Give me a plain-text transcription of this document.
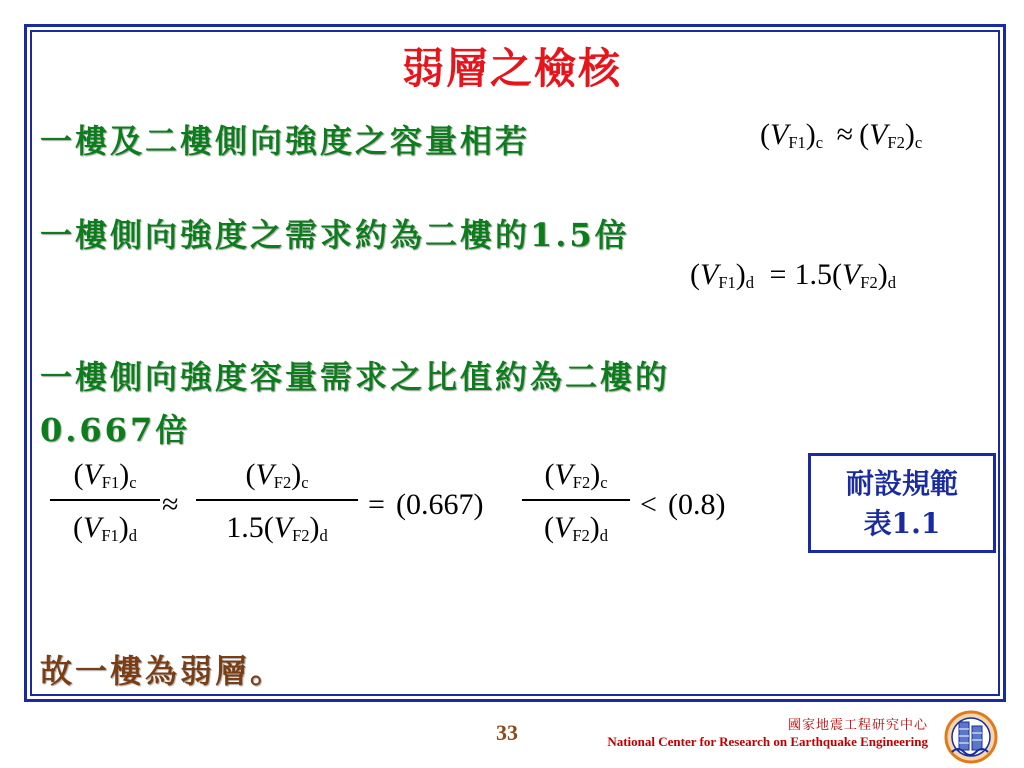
弱層之檢核
一樓及二樓側向強度之容量相若	$(V_{F1})_c \approx (V_{F2})_c$
一樓側向強度之需求約為二樓的1.5倍
$(V_{F1})_d = 1.5(V_{F2})_d$
一樓側向強度容量需求之比值約為二樓的
0.667倍
$(V_{F1})_c$
$(V_{F1})_d$
≈
$(V_{F2})_c$
$1.5(V_{F2})_d$
= (0.667)
$(V_{F2})_c$
$(V_{F2})_d$
< (0.8)
耐設規範
表1.1
故一樓為弱層。
33	國家地震工程研究中心
National Center for Research on Earthquake Engineering
